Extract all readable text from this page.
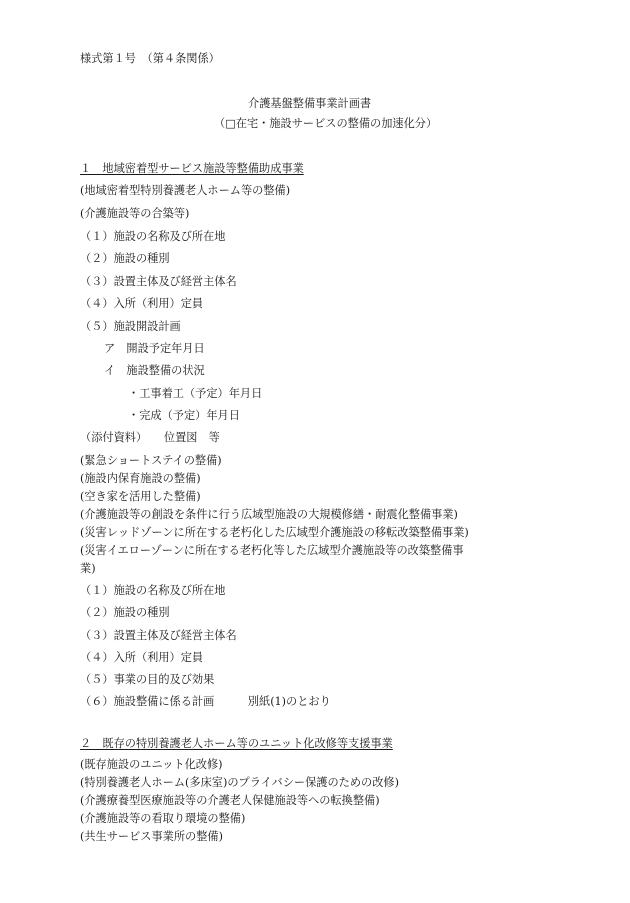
様式第１号　（第４条関係）
介護基盤整備事業計画書
（□在宅・施設サービスの整備の加速化分）
１　地域密着型サービス施設等整備助成事業
(地域密着型特別養護老人ホーム等の整備)
(介護施設等の合築等)
（１）施設の名称及び所在地
（２）施設の種別
（３）設置主体及び経営主体名
（４）入所（利用）定員
（５）施設開設計画
ア　開設予定年月日
イ　施設整備の状況
・工事着工（予定）年月日
・完成（予定）年月日
（添付資料）　　位置図　等
(緊急ショートステイの整備)
(施設内保育施設の整備)
(空き家を活用した整備)
(介護施設等の創設を条件に行う広域型施設の大規模修繕・耐震化整備事業)
(災害レッドゾーンに所在する老朽化した広域型介護施設の移転改築整備事業)
(災害イエローゾーンに所在する老朽化等した広域型介護施設等の改築整備事
業)
（１）施設の名称及び所在地
（２）施設の種別
（３）設置主体及び経営主体名
（４）入所（利用）定員
（５）事業の目的及び効果
（６）施設整備に係る計画　　　別紙(1)のとおり
２　既存の特別養護老人ホーム等のユニット化改修等支援事業
(既存施設のユニット化改修)
(特別養護老人ホーム(多床室)のプライバシー保護のための改修)
(介護療養型医療施設等の介護老人保健施設等への転換整備)
(介護施設等の看取り環境の整備)
(共生サービス事業所の整備)
